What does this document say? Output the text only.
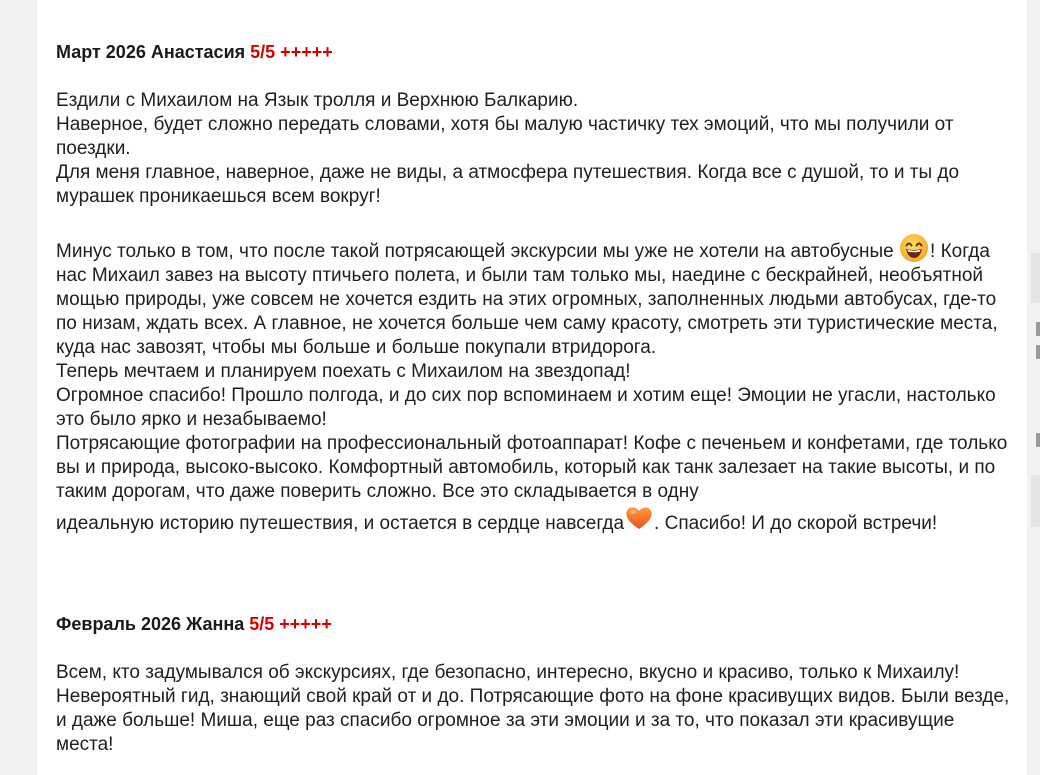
Март 2026 Анастасия 5/5 +++++

Ездили с Михаилом на Язык тролля и Верхнюю Балкарию.

Наверное, будет сложно передать словами, хотя бы малую частичку тех эмоций, что мы получили от поездки.

Для меня главное, наверное, даже не виды, а атмосфера путешествия. Когда все с душой, то и ты до мурашек проникаешься всем вокруг!

Минус только в том, что после такой потрясающей экскурсии мы уже не хотели на автобусные ! Когда нас Михаил завез на высоту птичьего полета, и были там только мы, наедине с бескрайней, необъятной мощью природы, уже совсем не хочется ездить на этих огромных, заполненных людьми автобусах, где-то по низам, ждать всех. А главное, не хочется больше чем саму красоту, смотреть эти туристические места, куда нас завозят, чтобы мы больше и больше покупали втридорога.

Теперь мечтаем и планируем поехать с Михаилом на звездопад!

Огромное спасибо! Прошло полгода, и до сих пор вспоминаем и хотим еще! Эмоции не угасли, настолько это было ярко и незабываемо!

Потрясающие фотографии на профессиональный фотоаппарат! Кофе с печеньем и конфетами, где только вы и природа, высоко-высоко. Комфортный автомобиль, который как танк залезает на такие высоты, и по таким дорогам, что даже поверить сложно. Все это складывается в одну идеальную историю путешествия, и остается в сердце навсегда . Спасибо! И до скорой встречи!

Февраль 2026 Жанна 5/5 +++++

Всем, кто задумывался об экскурсиях, где безопасно, интересно, вкусно и красиво, только к Михаилу! Невероятный гид, знающий свой край от и до. Потрясающие фото на фоне красивущих видов. Были везде, и даже больше! Миша, еще раз спасибо огромное за эти эмоции и за то, что показал эти красивущие места!
